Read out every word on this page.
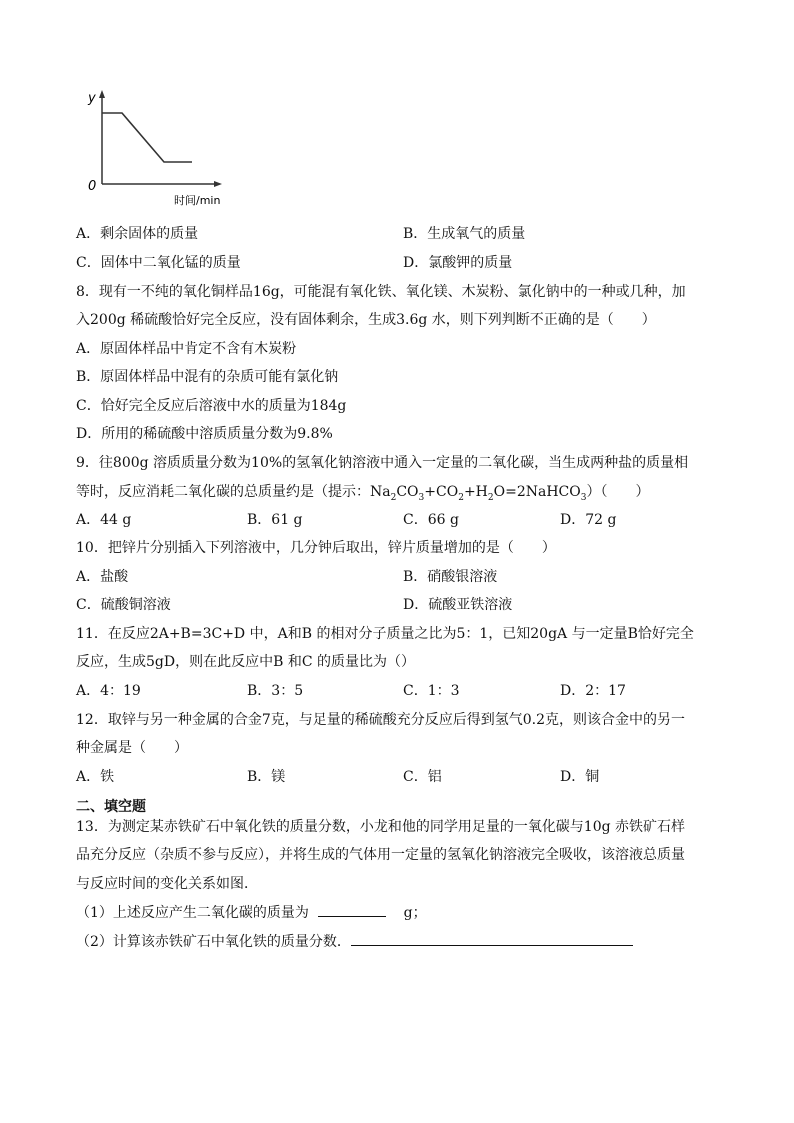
y
0
时间/min
A．剩余固体的质量	B．生成氧气的质量
C．固体中二氧化锰的质量	D．氯酸钾的质量
8．现有一不纯的氧化铜样品16g，可能混有氧化铁、氧化镁、木炭粉、氯化钠中的一种或几种，加
入200g 稀硫酸恰好完全反应，没有固体剩余，生成3.6g 水，则下列判断不正确的是（　　）
A．原固体样品中肯定不含有木炭粉
B．原固体样品中混有的杂质可能有氯化钠
C．恰好完全反应后溶液中水的质量为184g
D．所用的稀硫酸中溶质质量分数为9.8%
9．往800g 溶质质量分数为10%的氢氧化钠溶液中通入一定量的二氧化碳，当生成两种盐的质量相
等时，反应消耗二氧化碳的总质量约是（提示：$Na_2CO_3+CO_2+H_2O=2NaHCO_3$）（　　）
A．44 g	B．61 g	C．66 g	D．72 g
10．把锌片分别插入下列溶液中，几分钟后取出，锌片质量增加的是（　　）
A．盐酸	B．硝酸银溶液
C．硫酸铜溶液	D．硫酸亚铁溶液
11．在反应2A+B=3C+D 中，A和B 的相对分子质量之比为5：1，已知20gA 与一定量B恰好完全
反应，生成5gD，则在此反应中B 和C 的质量比为（）
A．4：19	B．3：5	C．1：3	D．2：17
12．取锌与另一种金属的合金7克，与足量的稀硫酸充分反应后得到氢气0.2克，则该合金中的另一
种金属是（　　）
A．铁	B．镁	C．铝	D．铜
二、填空题
13．为测定某赤铁矿石中氧化铁的质量分数，小龙和他的同学用足量的一氧化碳与10g 赤铁矿石样
品充分反应（杂质不参与反应），并将生成的气体用一定量的氢氧化钠溶液完全吸收，该溶液总质量
与反应时间的变化关系如图．
（1）上述反应产生二氧化碳的质量为	g；
（2）计算该赤铁矿石中氧化铁的质量分数．
